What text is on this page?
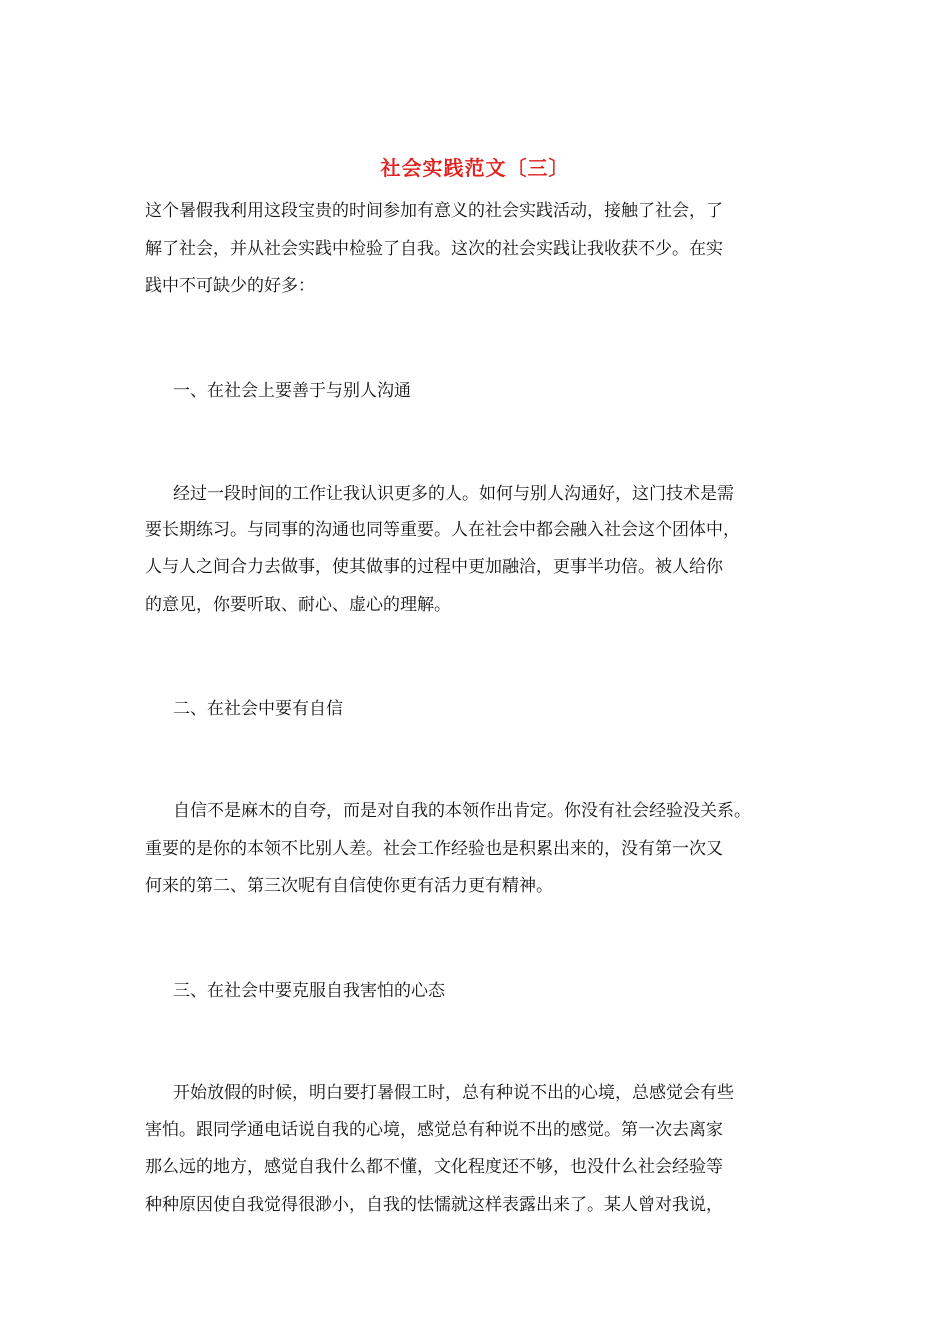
社会实践范文〔三〕
这个暑假我利用这段宝贵的时间参加有意义的社会实践活动，接触了社会，了
解了社会，并从社会实践中检验了自我。这次的社会实践让我收获不少。在实
践中不可缺少的好多：
一、在社会上要善于与别人沟通
经过一段时间的工作让我认识更多的人。如何与别人沟通好，这门技术是需
要长期练习。与同事的沟通也同等重要。人在社会中都会融入社会这个团体中，
人与人之间合力去做事，使其做事的过程中更加融洽，更事半功倍。被人给你
的意见，你要听取、耐心、虚心的理解。
二、在社会中要有自信
自信不是麻木的自夸，而是对自我的本领作出肯定。你没有社会经验没关系。
重要的是你的本领不比别人差。社会工作经验也是积累出来的，没有第一次又
何来的第二、第三次呢有自信使你更有活力更有精神。
三、在社会中要克服自我害怕的心态
开始放假的时候，明白要打暑假工时，总有种说不出的心境，总感觉会有些
害怕。跟同学通电话说自我的心境，感觉总有种说不出的感觉。第一次去离家
那么远的地方，感觉自我什么都不懂，文化程度还不够，也没什么社会经验等
种种原因使自我觉得很渺小，自我的怯懦就这样表露出来了。某人曾对我说，
